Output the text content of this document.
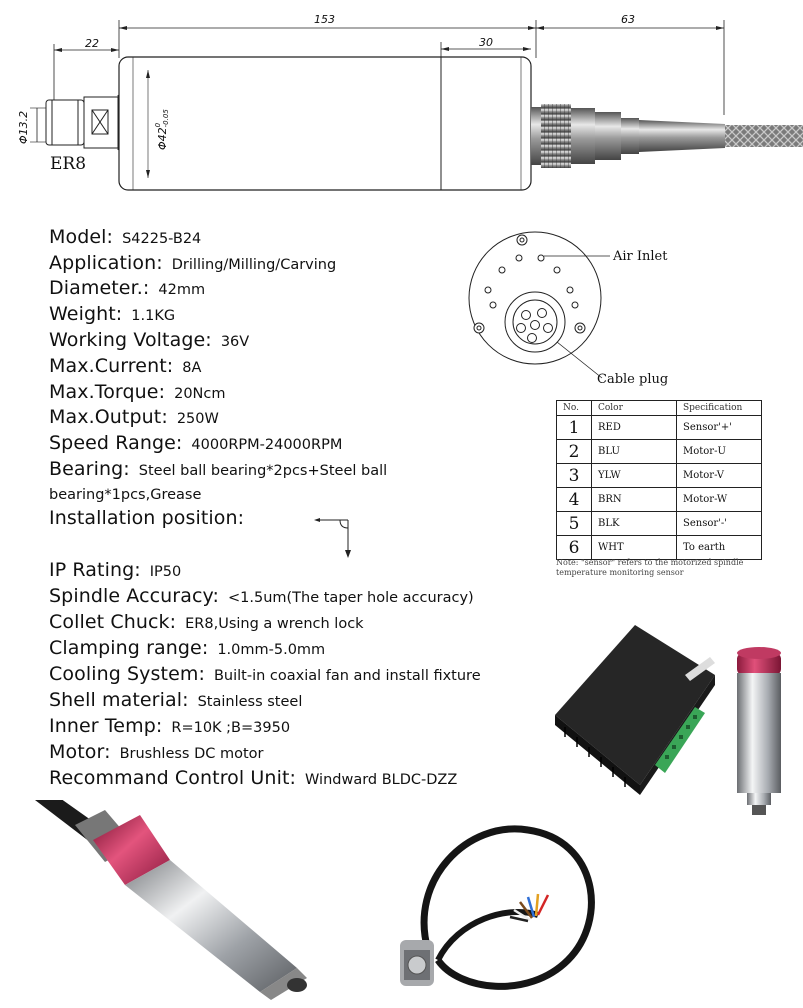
153	63
22	30
Φ13.2	Φ420
-0.05
ER8
Model: S4225-B24
Application: Drilling/Milling/Carving
Diameter.: 42mm
Weight: 1.1KG
Working Voltage: 36V
Max.Current: 8A
Max.Torque: 20Ncm
Max.Output: 250W
Speed Range: 4000RPM-24000RPM
Bearing: Steel ball bearing*2pcs+Steel ball
bearing*1pcs,Grease
Installation position:
IP Rating: IP50
Spindle Accuracy: <1.5um(The taper hole accuracy)
Collet Chuck: ER8,Using a wrench lock
Clamping range: 1.0mm-5.0mm
Cooling System: Built-in coaxial fan and install fixture
Shell material: Stainless steel
Inner Temp: R=10K ;B=3950
Motor: Brushless DC motor
Recommand Control Unit: Windward BLDC-DZZ
Air Inlet
Cable plug
No.	Color	Specification
1	RED	Sensor'+'
2	BLU	Motor-U
3	YLW	Motor-V
4	BRN	Motor-W
5	BLK	Sensor'-'
6	WHT	To earth
Note: "sensor" refers to the motorized spindle
temperature monitoring sensor
